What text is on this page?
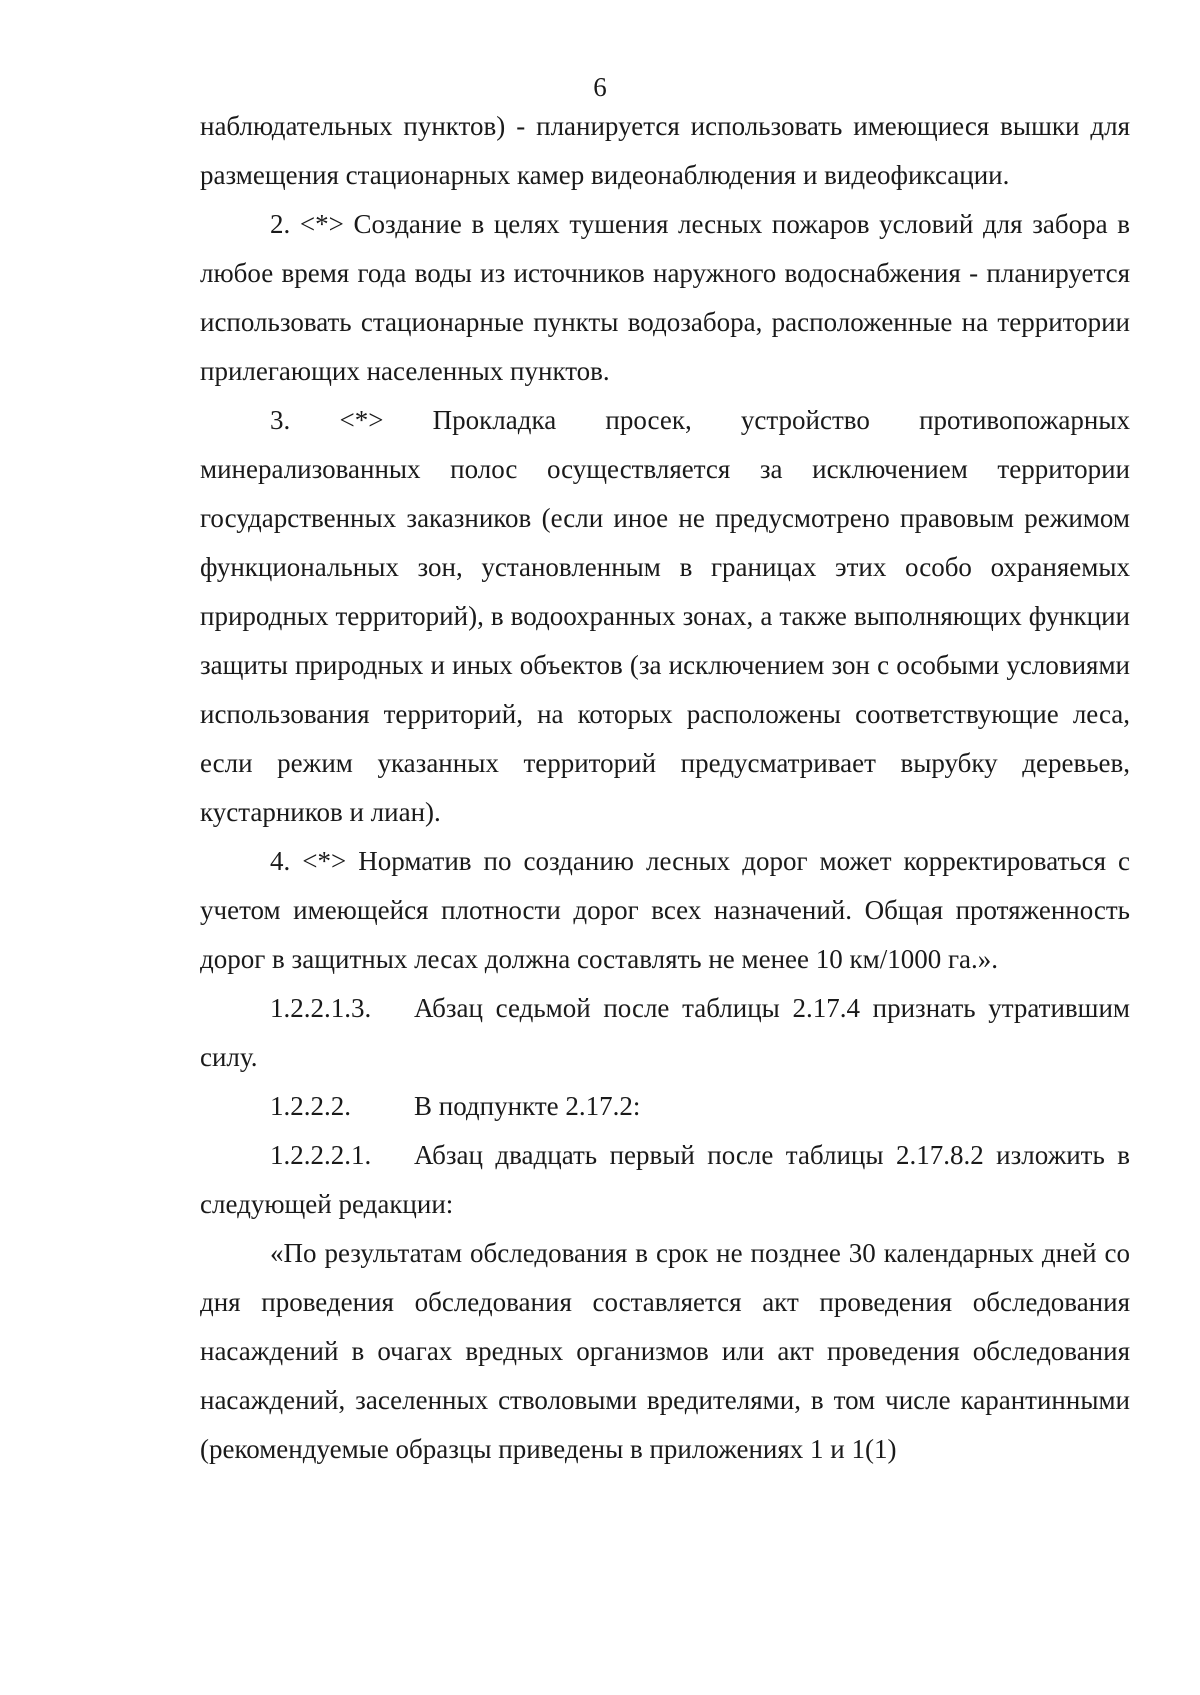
6

наблюдательных пунктов) - планируется использовать имеющиеся вышки для размещения стационарных камер видеонаблюдения и видеофиксации.

2. <*> Создание в целях тушения лесных пожаров условий для забора в любое время года воды из источников наружного водоснабжения - планируется использовать стационарные пункты водозабора, расположенные на территории прилегающих населенных пунктов.

3. <*> Прокладка просек, устройство противопожарных минерализованных полос осуществляется за исключением территории государственных заказников (если иное не предусмотрено правовым режимом функциональных зон, установленным в границах этих особо охраняемых природных территорий), в водоохранных зонах, а также выполняющих функции защиты природных и иных объектов (за исключением зон с особыми условиями использования территорий, на которых расположены соответствующие леса, если режим указанных территорий предусматривает вырубку деревьев, кустарников и лиан).

4. <*> Норматив по созданию лесных дорог может корректироваться с учетом имеющейся плотности дорог всех назначений. Общая протяженность дорог в защитных лесах должна составлять не менее 10 км/1000 га.».

1.2.2.1.3. Абзац седьмой после таблицы 2.17.4 признать утратившим силу.

1.2.2.2. В подпункте 2.17.2:

1.2.2.2.1. Абзац двадцать первый после таблицы 2.17.8.2 изложить в следующей редакции:

«По результатам обследования в срок не позднее 30 календарных дней со дня проведения обследования составляется акт проведения обследования насаждений в очагах вредных организмов или акт проведения обследования насаждений, заселенных стволовыми вредителями, в том числе карантинными (рекомендуемые образцы приведены в приложениях 1 и 1(1)
